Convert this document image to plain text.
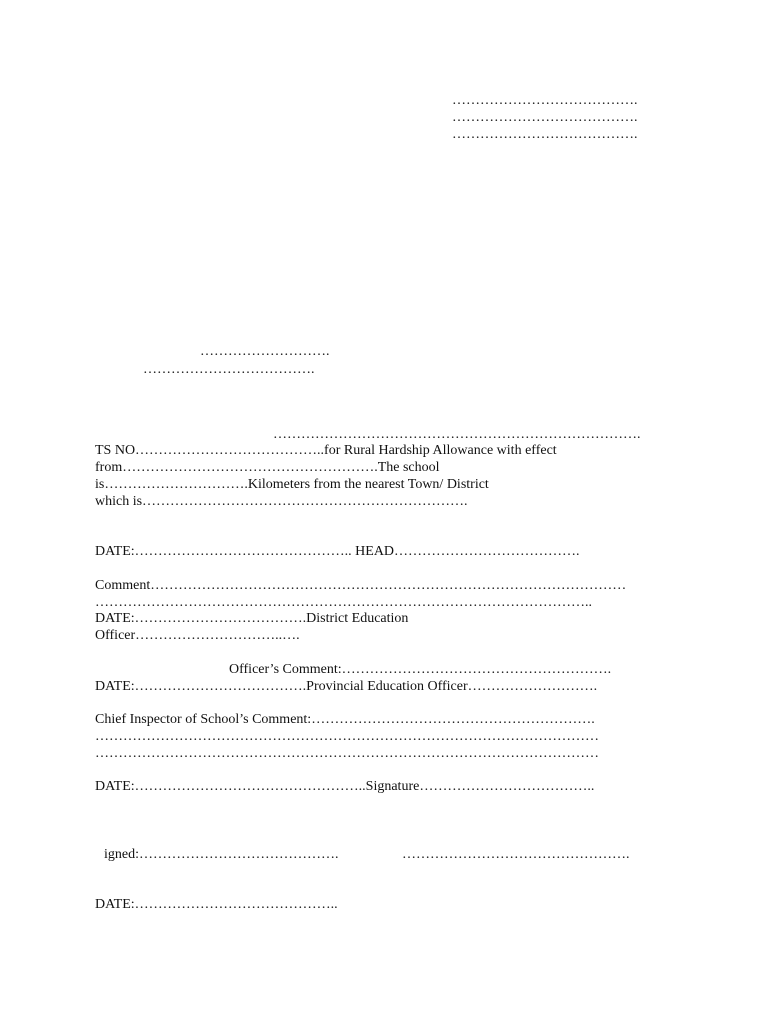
………………………………….
………………………………….
………………………………….
……………………….
……………………………….
…………………………………………………………………….
TS NO…………………………………..for Rural Hardship Allowance with effect
from……………………………………………….The school
is………………………….Kilometers from the nearest Town/ District
which is…………………………………………………………….
DATE:……………………………………….. HEAD………………………………….
Comment…………………………………………………………………………………………
……………………………………………………………………………………………..
DATE:……………………………….District Education
Officer…………………………..….
Officer’s Comment:………………………………………………….
DATE:……………………………….Provincial Education Officer……………………….
Chief Inspector of School’s Comment:…………………………………………………….
………………………………………………………………………………………………
………………………………………………………………………………………………
DATE:…………………………………………..Signature………………………………..
igned:…………………………………….	………………………………………….
DATE:……………………………………..
